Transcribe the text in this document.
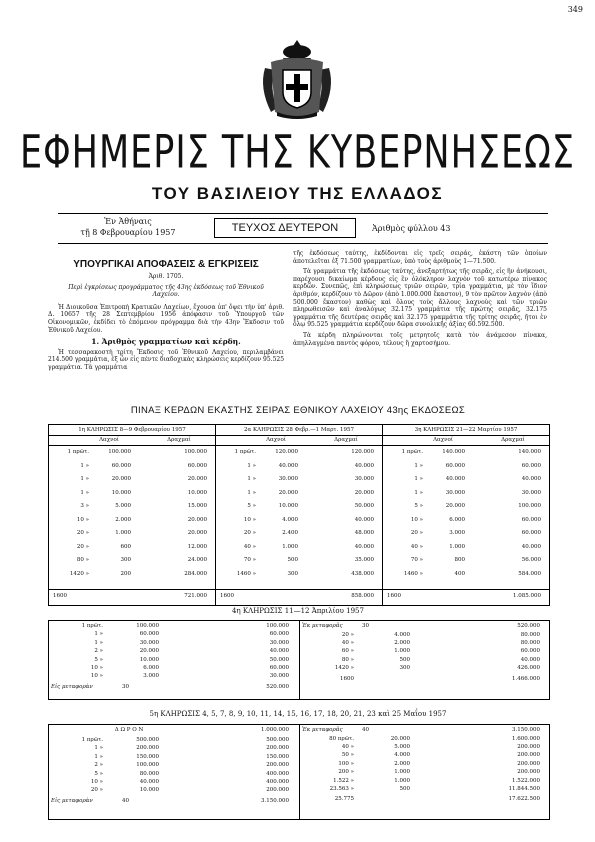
349
ΕΦΗΜΕΡΙΣ ΤΗΣ ΚΥΒΕΡΝΗΣΕΩΣ
ΤΟΥ ΒΑΣΙΛΕΙΟΥ ΤΗΣ ΕΛΛΑΔΟΣ
Ἐν Ἀθήναις
τῇ 8 Φεβρουαρίου 1957	ΤΕΥΧΟΣ ΔΕΥΤΕΡΟΝ	Ἀριθμὸς φύλλου 43
ΥΠΟΥΡΓΙΚΑΙ ΑΠΟΦΑΣΕΙΣ & ΕΓΚΡΙΣΕΙΣ
Ἀριθ. 1705.
Περὶ ἐγκρίσεως προγράμματος τῆς 43ης ἐκδόσεως τοῦ Ἐθνικοῦ Λαχείου.
Ἡ Διοικοῦσα Ἐπιτροπὴ Κρατικῶν Λαχείων, ἔχουσα ὑπ' ὄψει τὴν ὑπ' ἀριθ. Δ. 10657 τῆς 28 Σεπτεμβρίου 1956 ἀπόφασιν τοῦ Ὑπουργοῦ τῶν Οἰκονομικῶν, ἐκδίδει τὸ ἑπόμενον πρόγραμμα διὰ τὴν 43ην Ἔκδοσιν τοῦ Ἐθνικοῦ Λαχείου.
1. Ἀριθμὸς γραμματίων καὶ κέρδη.
Ἡ τεσσαρακοστὴ τρίτη Ἔκδοσις τοῦ Ἐθνικοῦ Λαχείου, περιλαμβάνει 214.500 γραμμάτια, ἐξ ὧν εἰς πέντε διαδοχικὰς κληρώσεις κερδίζουν 95.525 γραμμάτια. Τὰ γραμμάτια
τῆς ἐκδόσεως ταύτης, ἐκδίδονται εἰς τρεῖς σειράς, ἑκάστη τῶν ὁποίων ἀποτελεῖται ἐξ 71.500 γραμματίων, ὑπὸ τοὺς ἀριθμοὺς 1—71.500.
Τὰ γραμμάτια τῆς ἐκδόσεως ταύτης, ἀνεξαρτήτως τῆς σειρᾶς, εἰς ἣν ἀνήκουσι, παρέχουσι δικαίωμα κέρδους εἰς ἓν ὁλόκληρον λαχνὸν τοῦ κατωτέρω πίνακος κερδῶν. Συνεπῶς, ἐπὶ κληρώσεως τριῶν σειρῶν, τρία γραμμάτια, μὲ τὸν ἴδιον ἀριθμόν, κερδίζουν τὸ Δῶρον (ἀπὸ 1.000.000 ἕκαστον), 9 τὸν πρῶτον λαχνὸν (ἀπὸ 500.000 ἕκαστον) καθὼς καὶ ὅλους τοὺς ἄλλους λαχνοὺς καὶ τῶν τριῶν πληρωθεισῶν καὶ ἀναλόγως 32.175 γραμμάτια τῆς πρώτης σειρᾶς, 32.175 γραμμάτια τῆς δευτέρας σειρᾶς καὶ 32.175 γραμμάτια τῆς τρίτης σειρᾶς, ἤτοι ἐν ὅλῳ 95.525 γραμμάτια κερδίζουν δῶρα συνολικῆς ἀξίας 60.592.500.
Τὰ κέρδη πληρώνονται τοῖς μετρητοῖς κατὰ τὸν ἀνάμεσον πίνακα, ἀπηλλαγμένα παντὸς φόρου, τέλους ἢ χαρτοσήμου.
ΠΙΝΑΞ ΚΕΡΔΩΝ ΕΚΑΣΤΗΣ ΣΕΙΡΑΣ ΕΘΝΙΚΟΥ ΛΑΧΕΙΟΥ 43ης ΕΚΔΟΣΕΩΣ
1η ΚΛΗΡΩΣΙΣ 8—9 Φεβρουαρίου 1957
Λαχνοί	Δραχμαί
1 πρῶτ.	100.000	100.000
1 »	60.000	60.000
1 »	20.000	20.000
1 »	10.000	10.000
3 »	5.000	15.000
10 »	2.000	20.000
20 »	1.000	20.000
20 »	600	12.000
80 »	300	24.000
1420 »	200	284.000
1600	721.000
2α ΚΛΗΡΩΣΙΣ 28 Φεβρ.—1 Μαρτ. 1957
Λαχνοί	Δραχμαί
1 πρῶτ.	120.000	120.000
1 »	40.000	40.000
1 »	30.000	30.000
1 »	20.000	20.000
5 »	10.000	50.000
10 »	4.000	40.000
20 »	2.400	48.000
40 »	1.000	40.000
70 »	500	35.000
1460 »	300	438.000
1600	858.000
3η ΚΛΗΡΩΣΙΣ 21—22 Μαρτίου 1957
Λαχνοί	Δραχμαί
1 πρῶτ.	140.000	140.000
1 »	60.000	60.000
1 »	40.000	40.000
1 »	30.000	30.000
5 »	20.000	100.000
10 »	6.000	60.000
20 »	3.000	60.000
40 »	1.000	40.000
70 »	800	56.000
1460 »	400	584.000
1600	1.085.000
4η ΚΛΗΡΩΣΙΣ 11—12 Ἀπριλίου 1957
1 πρῶτ.	100.000	100.000
1 »	60.000	60.000
1 »	30.000	30.000
2 »	20.000	40.000
5 »	10.000	50.000
10 »	6.000	60.000
10 »	3.000	30.000
Εἰς μεταφορὰν	30	520.000
Ἐκ μεταφορᾶς	30	520.000
20 »	4.000	80.000
40 »	2.000	80.000
60 »	1.000	60.000
80 »	500	40.000
1420 »	300	426.000
1600	1.466.000
5η ΚΛΗΡΩΣΙΣ 4, 5, 7, 8, 9, 10, 11, 14, 15, 16, 17, 18, 20, 21, 23 καὶ 25 Μαΐου 1957
Δ Ω Ρ Ο Ν	1.000.000
1 πρῶτ.	500.000	500.000
1 »	200.000	200.000
1 »	150.000	150.000
2 »	100.000	200.000
5 »	80.000	400.000
10 »	40.000	400.000
20 »	10.000	200.000
Εἰς μεταφορὰν	40	3.150.000
Ἐκ μεταφορᾶς	40	3.150.000
80 πρῶτ.	20.000	1.600.000
40 »	5.000	200.000
50 »	4.000	200.000
100 »	2.000	200.000
200 »	1.000	200.000
1.522 »	1.000	1.522.000
23.563 »	500	11.844.500
25.775	17.622.500
